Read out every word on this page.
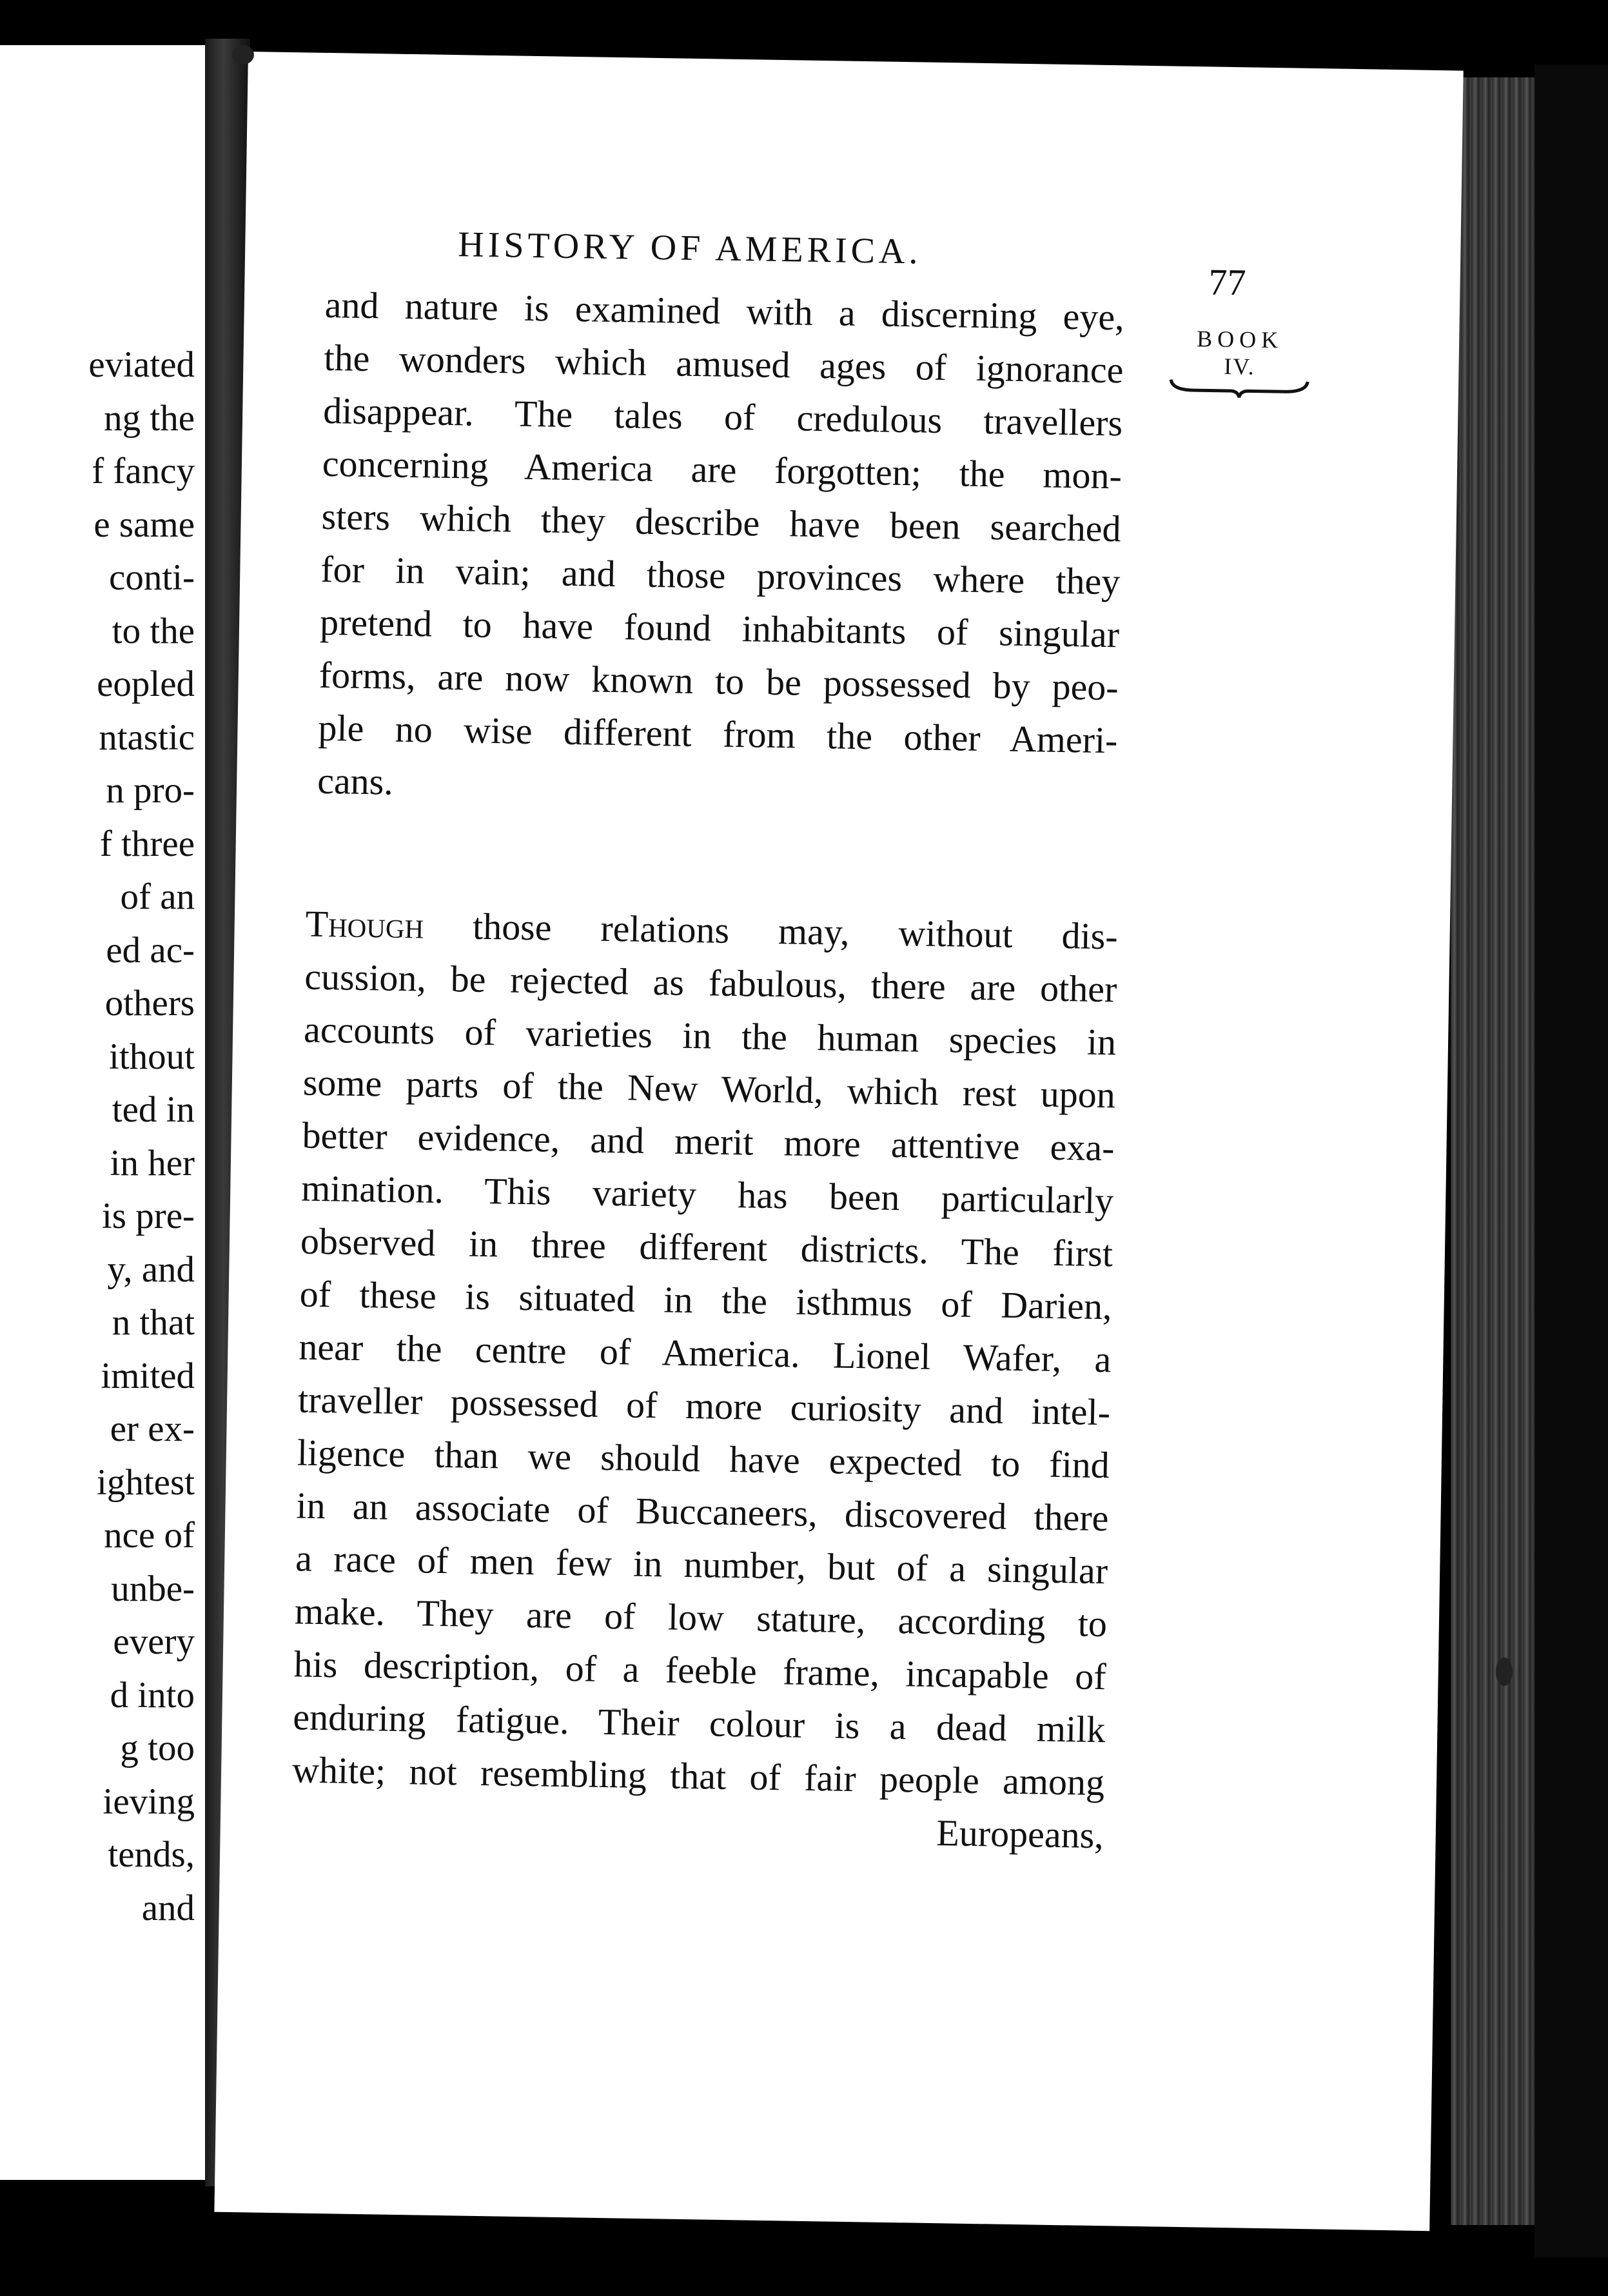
eviated
ng the
f fancy
e same
conti-
to the
eopled
ntastic
n pro-
f three
of an
ed ac-
others
ithout
ted in
in her
is pre-
y, and
n that
imited
er ex-
ightest
nce of
unbe-
every
d into
g too
ieving
tends,
and
HISTORY OF AMERICA.
77
BOOK
IV.
and nature is examined with a discerning eye,
the wonders which amused ages of ignorance
disappear. The tales of credulous travellers
concerning America are forgotten; the mon-
sters which they describe have been searched
for in vain; and those provinces where they
pretend to have found inhabitants of singular
forms, are now known to be possessed by peo-
ple no wise different from the other Ameri-
cans.
Though those relations may, without dis-
cussion, be rejected as fabulous, there are other
accounts of varieties in the human species in
some parts of the New World, which rest upon
better evidence, and merit more attentive exa-
mination. This variety has been particularly
observed in three different districts. The first
of these is situated in the isthmus of Darien,
near the centre of America. Lionel Wafer, a
traveller possessed of more curiosity and intel-
ligence than we should have expected to find
in an associate of Buccaneers, discovered there
a race of men few in number, but of a singular
make. They are of low stature, according to
his description, of a feeble frame, incapable of
enduring fatigue. Their colour is a dead milk
white; not resembling that of fair people among
Europeans,
